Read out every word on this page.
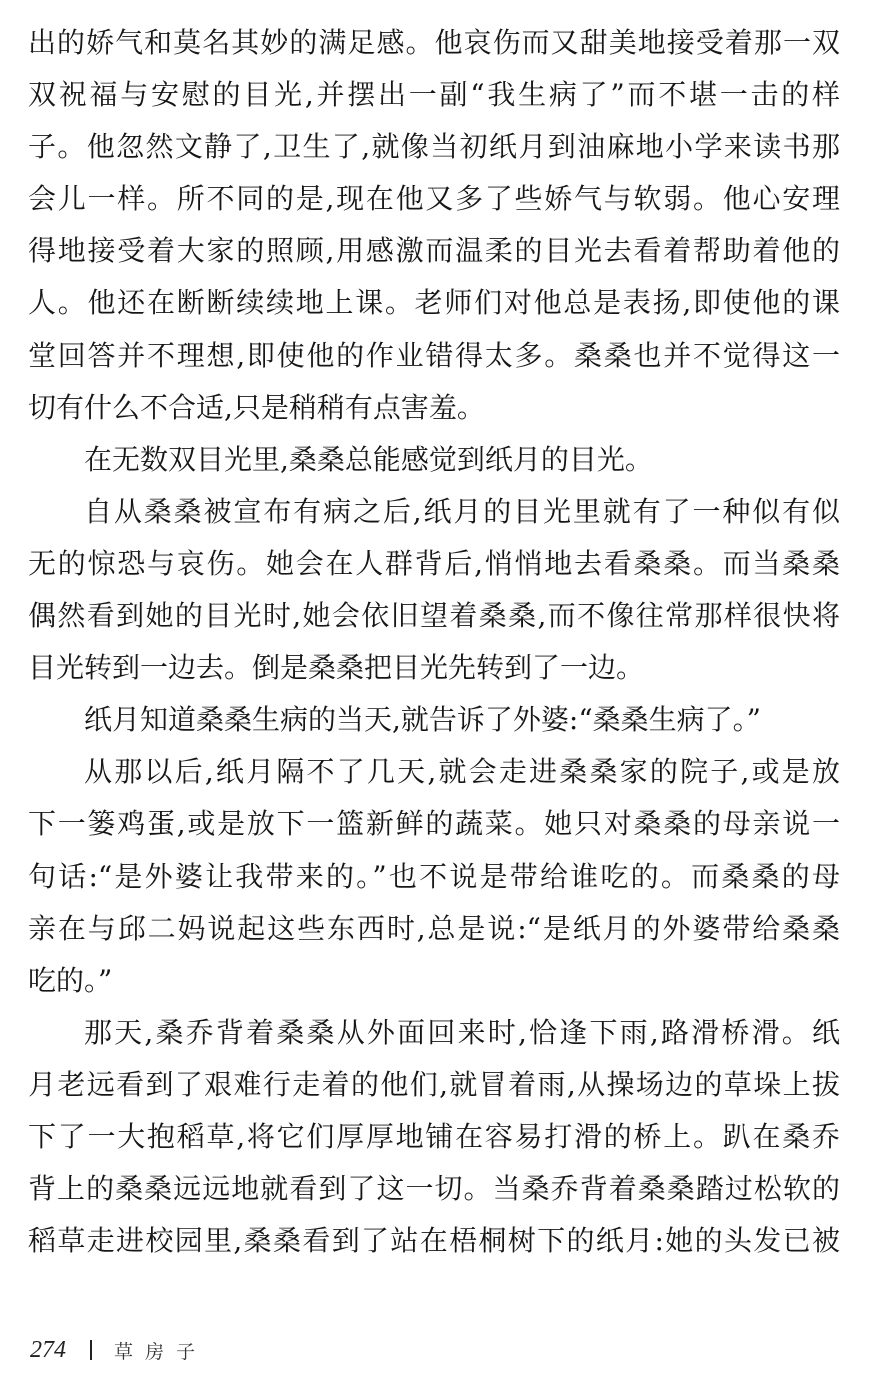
出的娇气和莫名其妙的满足感。他哀伤而又甜美地接受着那一双
双祝福与安慰的目光,并摆出一副“我生病了”而不堪一击的样
子。他忽然文静了,卫生了,就像当初纸月到油麻地小学来读书那
会儿一样。所不同的是,现在他又多了些娇气与软弱。他心安理
得地接受着大家的照顾,用感激而温柔的目光去看着帮助着他的
人。他还在断断续续地上课。老师们对他总是表扬,即使他的课
堂回答并不理想,即使他的作业错得太多。桑桑也并不觉得这一
切有什么不合适,只是稍稍有点害羞。
在无数双目光里,桑桑总能感觉到纸月的目光。
自从桑桑被宣布有病之后,纸月的目光里就有了一种似有似
无的惊恐与哀伤。她会在人群背后,悄悄地去看桑桑。而当桑桑
偶然看到她的目光时,她会依旧望着桑桑,而不像往常那样很快将
目光转到一边去。倒是桑桑把目光先转到了一边。
纸月知道桑桑生病的当天,就告诉了外婆:“桑桑生病了。”
从那以后,纸月隔不了几天,就会走进桑桑家的院子,或是放
下一篓鸡蛋,或是放下一篮新鲜的蔬菜。她只对桑桑的母亲说一
句话:“是外婆让我带来的。”也不说是带给谁吃的。而桑桑的母
亲在与邱二妈说起这些东西时,总是说:“是纸月的外婆带给桑桑
吃的。”
那天,桑乔背着桑桑从外面回来时,恰逢下雨,路滑桥滑。纸
月老远看到了艰难行走着的他们,就冒着雨,从操场边的草垛上拔
下了一大抱稻草,将它们厚厚地铺在容易打滑的桥上。趴在桑乔
背上的桑桑远远地就看到了这一切。当桑乔背着桑桑踏过松软的
稻草走进校园里,桑桑看到了站在梧桐树下的纸月:她的头发已被
274	草房子
